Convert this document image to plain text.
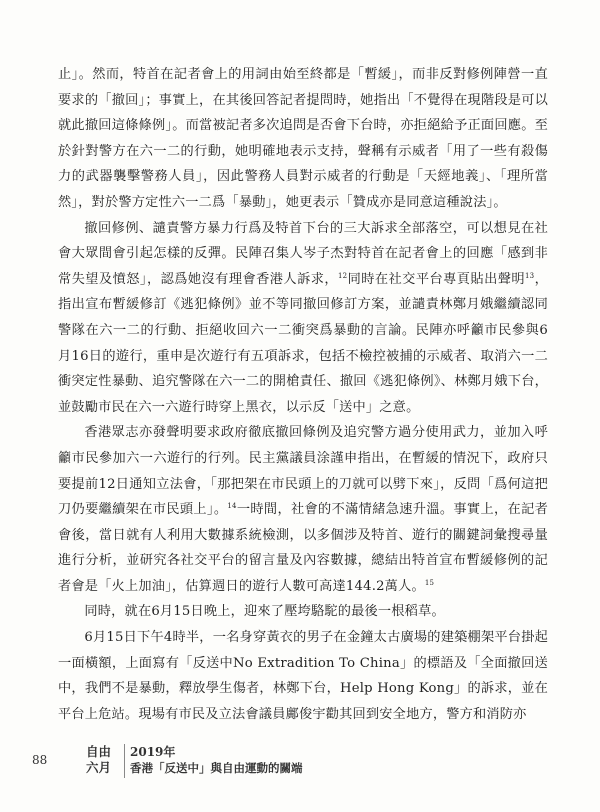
止」。然而，特首在記者會上的用詞由始至終都是「暫緩」，而非反對修例陣營一直要求的「撤回」；事實上，在其後回答記者提問時，她指出「不覺得在現階段是可以就此撤回這條條例」。而當被記者多次追問是否會下台時，亦拒絕給予正面回應。至於針對警方在六一二的行動，她明確地表示支持，聲稱有示威者「用了一些有殺傷力的武器襲擊警務人員」，因此警務人員對示威者的行動是「天經地義」、「理所當然」，對於警方定性六一二爲「暴動」，她更表示「贊成亦是同意這種說法」。

撤回修例、譴責警方暴力行爲及特首下台的三大訴求全部落空，可以想見在社會大眾間會引起怎樣的反彈。民陣召集人岑子杰對特首在記者會上的回應「感到非常失望及憤怒」，認爲她沒有理會香港人訴求，$^{12}$同時在社交平台專頁貼出聲明$^{13}$，指出宣布暫緩修訂《逃犯條例》並不等同撤回修訂方案，並譴責林鄭月娥繼續認同警隊在六一二的行動、拒絕收回六一二衝突爲暴動的言論。民陣亦呼籲市民參與6月16日的遊行，重申是次遊行有五項訴求，包括不檢控被捕的示威者、取消六一二衝突定性暴動、追究警隊在六一二的開槍責任、撤回《逃犯條例》、林鄭月娥下台，並鼓勵市民在六一六遊行時穿上黑衣，以示反「送中」之意。

香港眾志亦發聲明要求政府徹底撤回條例及追究警方過分使用武力，並加入呼籲市民參加六一六遊行的行列。民主黨議員涂謹申指出，在暫緩的情況下，政府只要提前12日通知立法會，「那把架在市民頭上的刀就可以劈下來」，反問「爲何這把刀仍要繼續架在市民頭上」。$^{14}$一時間，社會的不滿情緒急速升溫。事實上，在記者會後，當日就有人利用大數據系統檢測，以多個涉及特首、遊行的關鍵詞彙搜尋量進行分析，並研究各社交平台的留言量及內容數據，總結出特首宣布暫緩修例的記者會是「火上加油」，估算週日的遊行人數可高達144.2萬人。$^{15}$

同時，就在6月15日晚上，迎來了壓垮駱駝的最後一根稻草。

6月15日下午4時半，一名身穿黃衣的男子在金鐘太古廣場的建築棚架平台掛起一面橫額，上面寫有「反送中No Extradition To China」的標語及「全面撤回送中，我們不是暴動，釋放學生傷者，林鄭下台，Help Hong Kong」的訴求，並在平台上危站。現場有市民及立法會議員鄺俊宇勸其回到安全地方，警方和消防亦

88
自由
六月
2019年
香港「反送中」與自由運動的關端
